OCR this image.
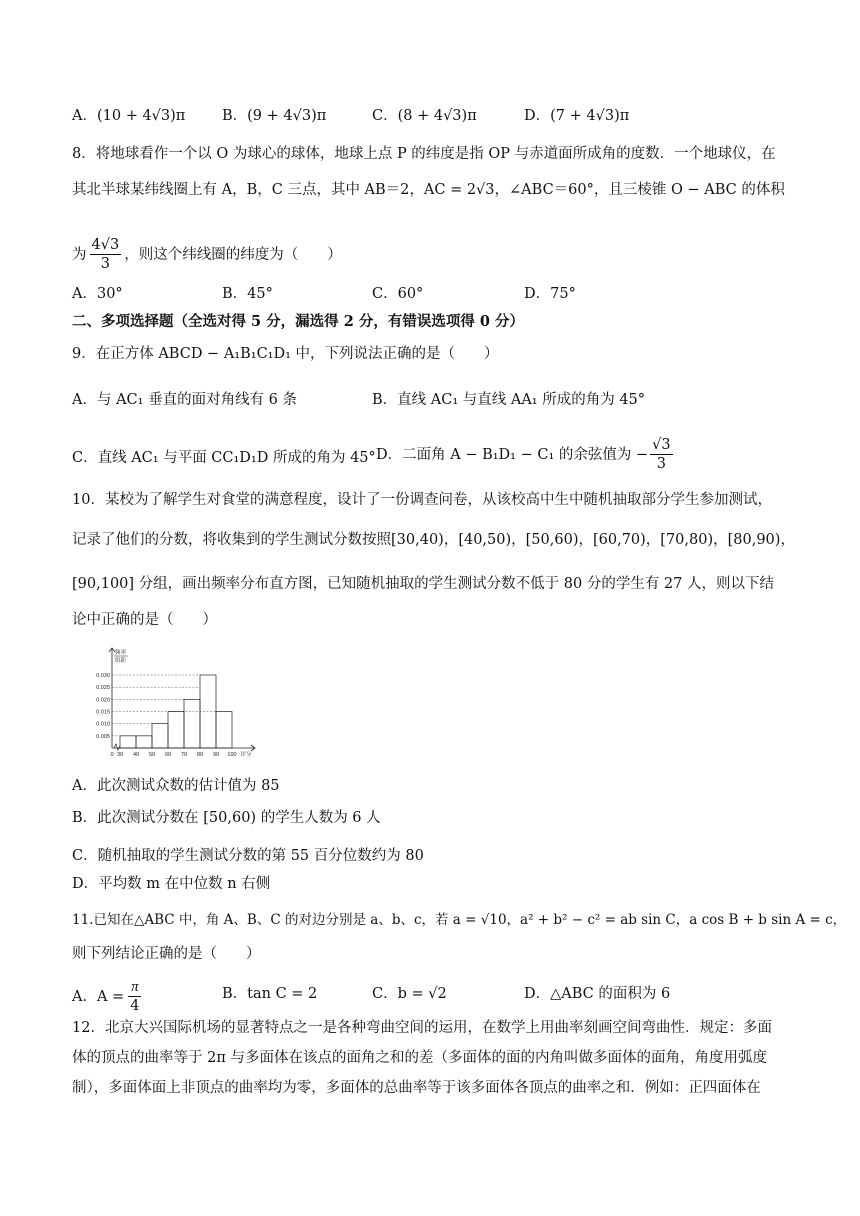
A．(10 + 4√3)π	B．(9 + 4√3)π	C．(8 + 4√3)π	D．(7 + 4√3)π
8．将地球看作一个以 O 为球心的球体，地球上点 P 的纬度是指 OP 与赤道面所成角的度数．一个地球仪，在
其北半球某纬线圈上有 A，B，C 三点，其中 AB＝2，AC = 2√3，∠ABC＝60°，且三棱锥 O − ABC 的体积
为 $\frac{4√3}{3}$ ，则这个纬线圈的纬度为（　　）
A．30°	B．45°	C．60°	D．75°
二、多项选择题（全选对得 5 分，漏选得 2 分，有错误选项得 0 分）
9．在正方体 ABCD − A₁B₁C₁D₁ 中，下列说法正确的是（　　）
A．与 AC₁ 垂直的面对角线有 6 条	B．直线 AC₁ 与直线 AA₁ 所成的角为 45°
C．直线 AC₁ 与平面 CC₁D₁D 所成的角为 45° D．二面角 A − B₁D₁ − C₁ 的余弦值为 − $\frac{√3}{3}$
10．某校为了解学生对食堂的满意程度，设计了一份调查问卷，从该校高中生中随机抽取部分学生参加测试，
记录了他们的分数，将收集到的学生测试分数按照[30,40)，[40,50)，[50,60)，[60,70)，[70,80)，[80,90)，
[90,100] 分组，画出频率分布直方图，已知随机抽取的学生测试分数不低于 80 分的学生有 27 人，则以下结
论中正确的是（　　）
0.005
0.010
0.015
0.020
0.025
0.030
频率
组距
0 30 40 50 60 70 80 90 100 评分
A．此次测试众数的估计值为 85
B．此次测试分数在 [50,60) 的学生人数为 6 人
C．随机抽取的学生测试分数的第 55 百分位数约为 80
D．平均数 m 在中位数 n 右侧
11.已知在△ABC 中，角 A、B、C 的对边分别是 a、b、c，若 a = √10，a² + b² − c² = ab sin C，a cos B + b sin A = c，
则下列结论正确的是（　　）
A．$A = \frac{\pi}{4}$	B．tan C = 2	C．b = √2	D．△ABC 的面积为 6
12．北京大兴国际机场的显著特点之一是各种弯曲空间的运用，在数学上用曲率刻画空间弯曲性．规定：多面
体的顶点的曲率等于 2π 与多面体在该点的面角之和的差（多面体的面的内角叫做多面体的面角，角度用弧度
制），多面体面上非顶点的曲率均为零，多面体的总曲率等于该多面体各顶点的曲率之和．例如：正四面体在
